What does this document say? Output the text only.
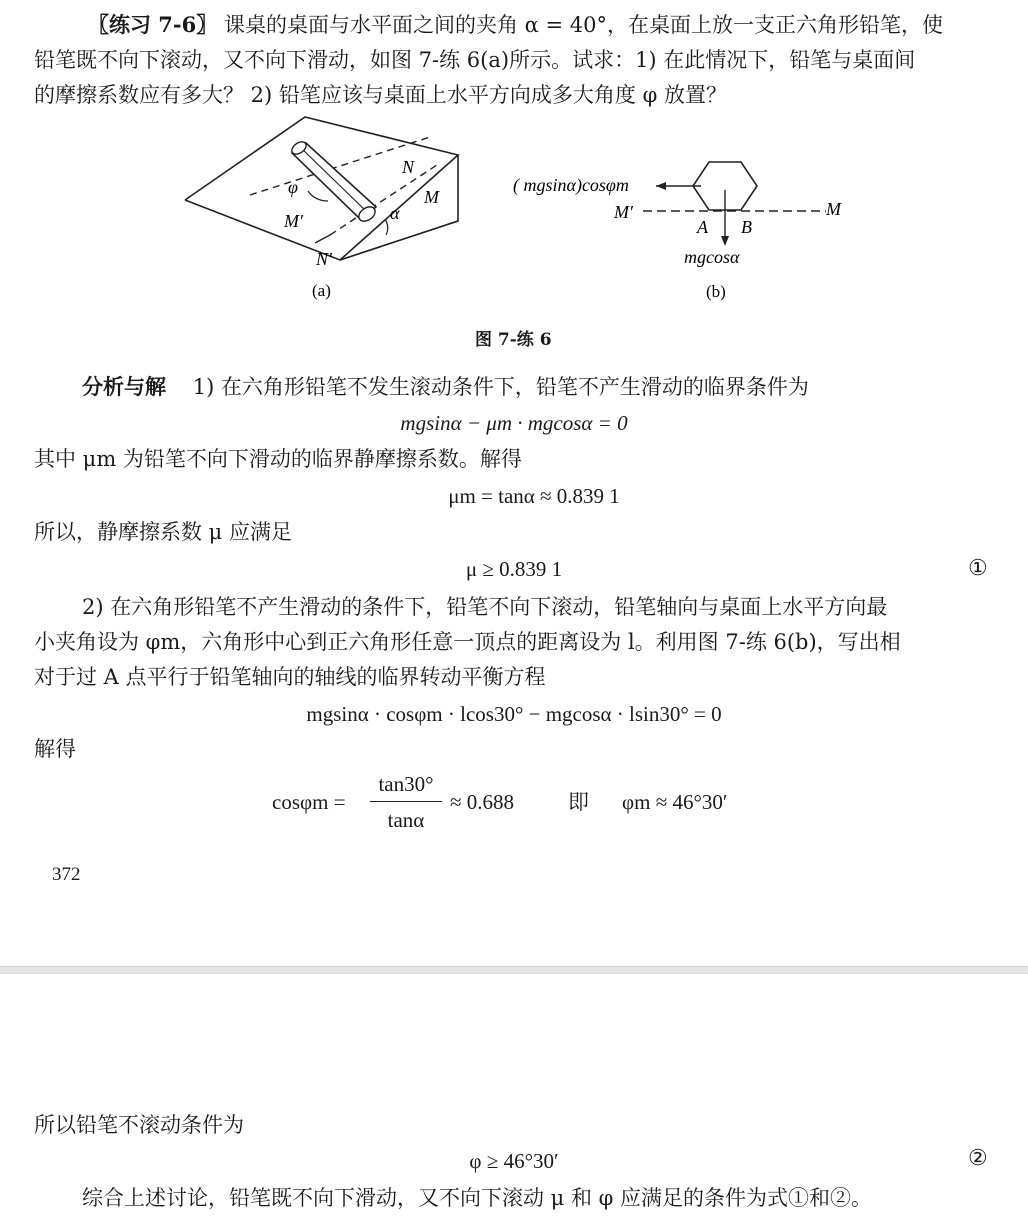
〖练习 7-6〗 课桌的桌面与水平面之间的夹角 α = 40°，在桌面上放一支正六角形铅笔，使
铅笔既不向下滚动，又不向下滑动，如图 7-练 6(a)所示。试求：1) 在此情况下，铅笔与桌面间
的摩擦系数应有多大？ 2) 铅笔应该与桌面上水平方向成多大角度 φ 放置？
N
M
φ
M′	α
N′
(a)
( mgsinα)cosφm
M′	M
A B
mgcosα
(b)
图 7-练 6
分析与解 1) 在六角形铅笔不发生滚动条件下，铅笔不产生滑动的临界条件为
mgsinα − μm · mgcosα = 0
其中 μm 为铅笔不向下滑动的临界静摩擦系数。解得
μm = tanα ≈ 0.839 1
所以，静摩擦系数 μ 应满足
μ ≥ 0.839 1	①
2) 在六角形铅笔不产生滑动的条件下，铅笔不向下滚动，铅笔轴向与桌面上水平方向最
小夹角设为 φm，六角形中心到正六角形任意一顶点的距离设为 l。利用图 7-练 6(b)，写出相
对于过 A 点平行于铅笔轴向的轴线的临界转动平衡方程
mgsinα · cosφm · lcos30° − mgcosα · lsin30° = 0
解得
cosφm =
tan30°
tanα
≈ 0.688	即 φm ≈ 46°30′
372
所以铅笔不滚动条件为
φ ≥ 46°30′	②
综合上述讨论，铅笔既不向下滑动，又不向下滚动 μ 和 φ 应满足的条件为式①和②。
